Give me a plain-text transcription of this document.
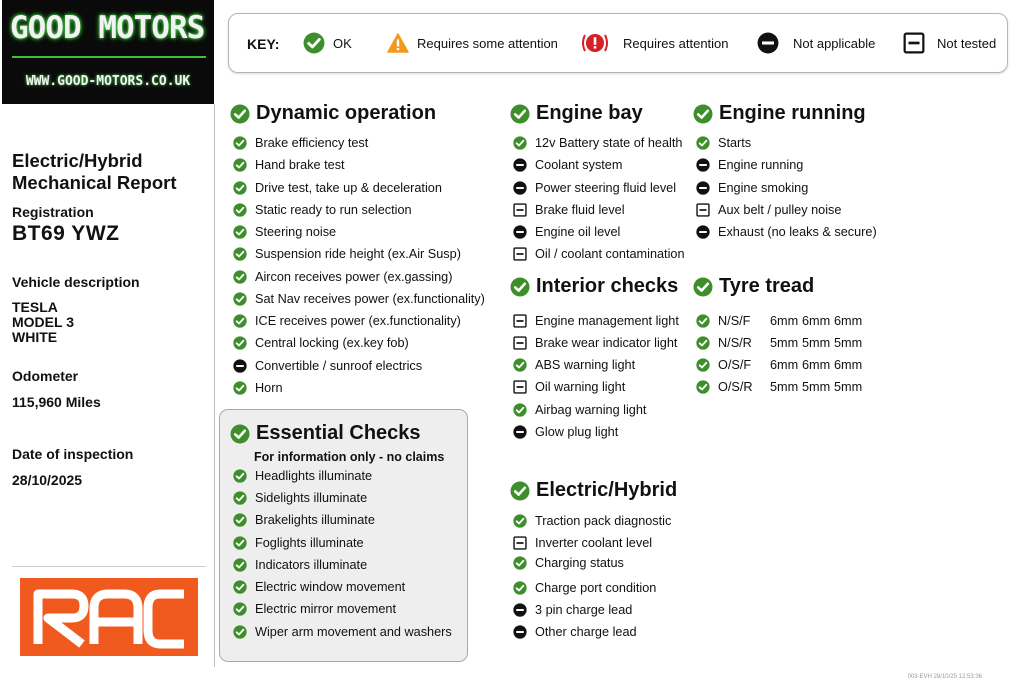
GOOD MOTORS
WWW.GOOD-MOTORS.CO.UK
Electric/Hybrid Mechanical Report
Registration
BT69 YWZ
Vehicle description
TESLA
MODEL 3
WHITE
Odometer
115,960 Miles
Date of inspection
28/10/2025
KEY:	OK	Requires some attention	Requires attention	Not applicable	Not tested
Dynamic operation
Brake efficiency test
Hand brake test
Drive test, take up & deceleration
Static ready to run selection
Steering noise
Suspension ride height (ex.Air Susp)
Aircon receives power (ex.gassing)
Sat Nav receives power (ex.functionality)
ICE receives power (ex.functionality)
Central locking (ex.key fob)
Convertible / sunroof electrics
Horn
Essential Checks
Headlights illuminate
Sidelights illuminate
Brakelights illuminate
Foglights illuminate
Indicators illuminate
Electric window movement
Electric mirror movement
Wiper arm movement and washers
Engine bay
12v Battery state of health
Coolant system
Power steering fluid level
Brake fluid level
Engine oil level
Oil / coolant contamination
Interior checks
Engine management light
Brake wear indicator light
ABS warning light
Oil warning light
Airbag warning light
Glow plug light
Electric/Hybrid
Traction pack diagnostic
Inverter coolant level
Charging status
Charge port condition
3 pin charge lead
Other charge lead
Engine running
Starts
Engine running
Engine smoking
Aux belt / pulley noise
Exhaust (no leaks & secure)
Tyre tread
N/S/F	6mm 6mm 6mm
N/S/R	5mm 5mm 5mm
O/S/F	6mm 6mm 6mm
O/S/R	5mm 5mm 5mm
For information only - no claims
003-EVH 28/10/25 12:53:36
